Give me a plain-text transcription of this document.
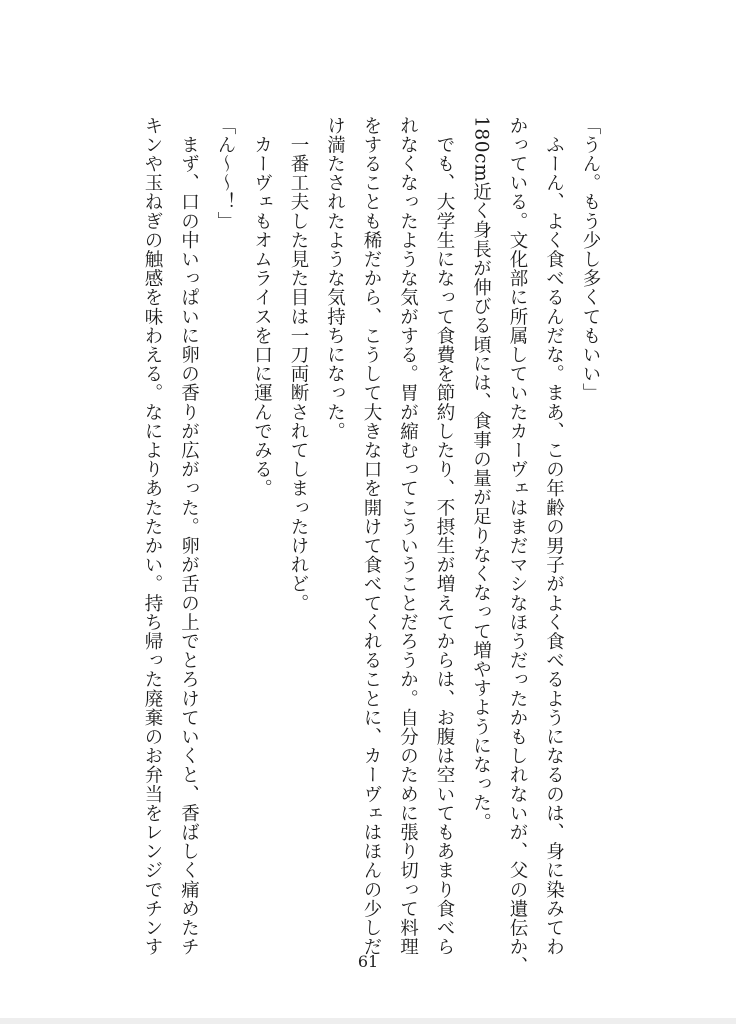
「うん。もう少し多くてもいい」
　ふーん、よく食べるんだな。まあ、この年齢の男子がよく食べるようになるのは、身に染みてわ
かっている。文化部に所属していたカーヴェはまだマシなほうだったかもしれないが、父の遺伝か、
180cm近く身長が伸びる頃には、食事の量が足りなくなって増やすようになった。
　でも、大学生になって食費を節約したり、不摂生が増えてからは、お腹は空いてもあまり食べら
れなくなったような気がする。胃が縮むってこういうことだろうか。自分のために張り切って料理
をすることも稀だから、こうして大きな口を開けて食べてくれることに、カーヴェはほんの少しだ
け満たされたような気持ちになった。
　一番工夫した見た目は一刀両断されてしまったけれど。
　カーヴェもオムライスを口に運んでみる。
「ん〜〜！」
　まず、口の中いっぱいに卵の香りが広がった。卵が舌の上でとろけていくと、香ばしく痛めたチ
キンや玉ねぎの触感を味わえる。なによりあたたかい。持ち帰った廃棄のお弁当をレンジでチンす
61
